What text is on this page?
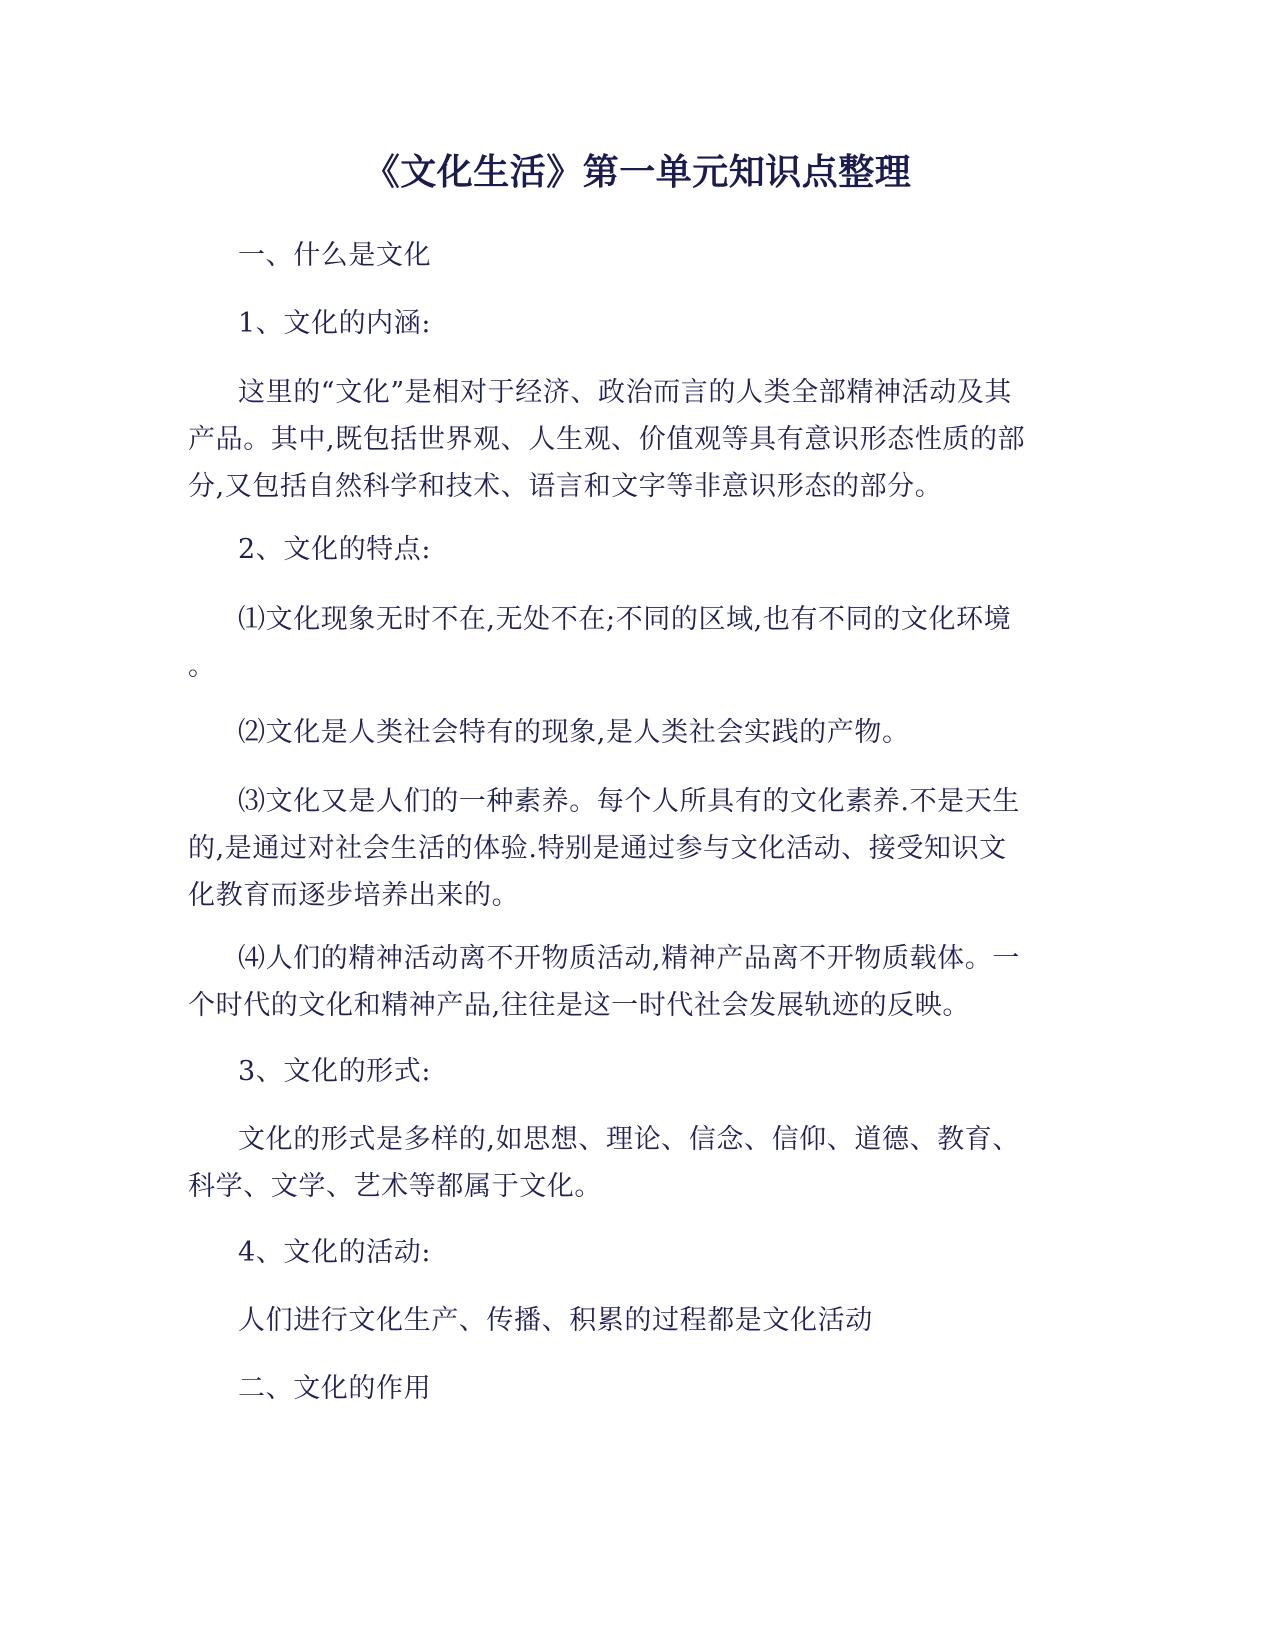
《文化生活》第一单元知识点整理
一、什么是文化
1、文化的内涵:
这里的“文化”是相对于经济、政治而言的人类全部精神活动及其
产品。其中,既包括世界观、人生观、价值观等具有意识形态性质的部
分,又包括自然科学和技术、语言和文字等非意识形态的部分。
2、文化的特点:
⑴文化现象无时不在,无处不在;不同的区域,也有不同的文化环境
。
⑵文化是人类社会特有的现象,是人类社会实践的产物。
⑶文化又是人们的一种素养。每个人所具有的文化素养.不是天生
的,是通过对社会生活的体验.特别是通过参与文化活动、接受知识文
化教育而逐步培养出来的。
⑷人们的精神活动离不开物质活动,精神产品离不开物质载体。一
个时代的文化和精神产品,往往是这一时代社会发展轨迹的反映。
3、文化的形式:
文化的形式是多样的,如思想、理论、信念、信仰、道德、教育、
科学、文学、艺术等都属于文化。
4、文化的活动:
人们进行文化生产、传播、积累的过程都是文化活动
二、文化的作用
